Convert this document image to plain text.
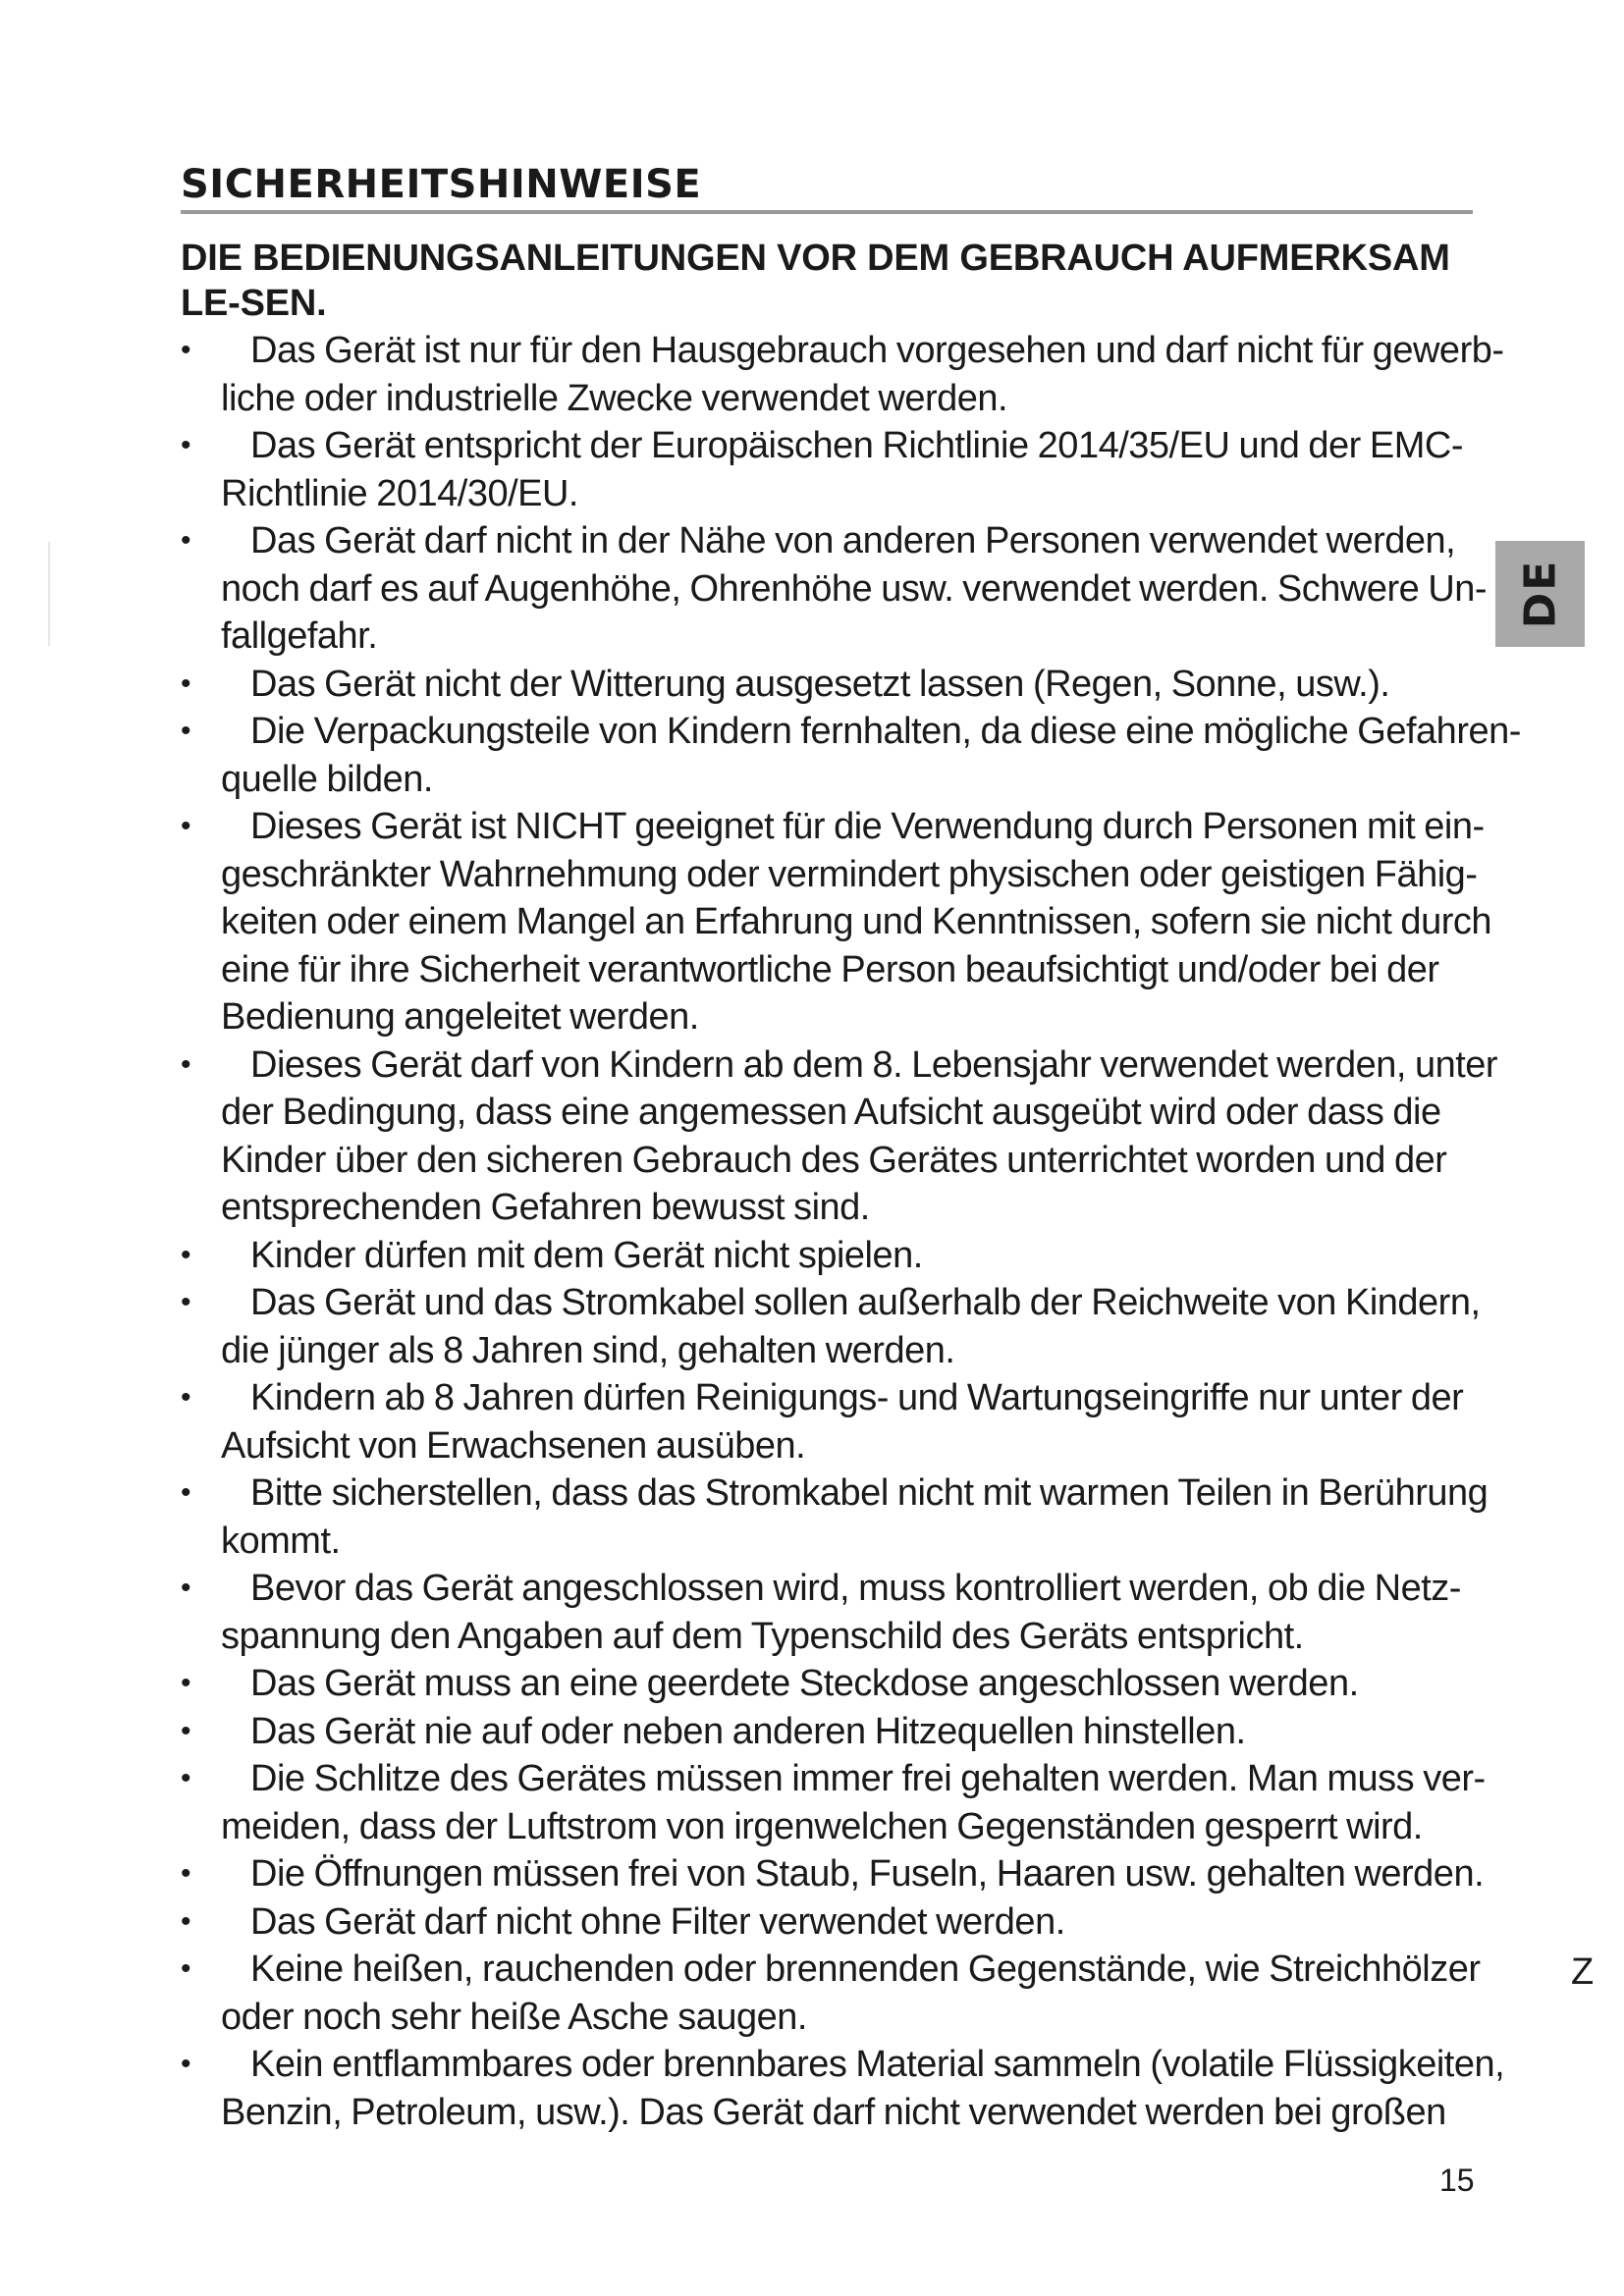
SICHERHEITSHINWEISE
DIE BEDIENUNGSANLEITUNGEN VOR DEM GEBRAUCH AUFMERKSAM LE-SEN.
• Das Gerät ist nur für den Hausgebrauch vorgesehen und darf nicht für gewerb-liche oder industrielle Zwecke verwendet werden.
• Das Gerät entspricht der Europäischen Richtlinie 2014/35/EU und der EMC-Richtlinie 2014/30/EU.
• Das Gerät darf nicht in der Nähe von anderen Personen verwendet werden, noch darf es auf Augenhöhe, Ohrenhöhe usw. verwendet werden. Schwere Un-fallgefahr.
• Das Gerät nicht der Witterung ausgesetzt lassen (Regen, Sonne, usw.).
• Die Verpackungsteile von Kindern fernhalten, da diese eine mögliche Gefahren-quelle bilden.
• Dieses Gerät ist NICHT geeignet für die Verwendung durch Personen mit ein-geschränkter Wahrnehmung oder vermindert physischen oder geistigen Fähig-keiten oder einem Mangel an Erfahrung und Kenntnissen, sofern sie nicht durch eine für ihre Sicherheit verantwortliche Person beaufsichtigt und/oder bei der Bedienung angeleitet werden.
• Dieses Gerät darf von Kindern ab dem 8. Lebensjahr verwendet werden, unter der Bedingung, dass eine angemessen Aufsicht ausgeübt wird oder dass die Kinder über den sicheren Gebrauch des Gerätes unterrichtet worden und der entsprechenden Gefahren bewusst sind.
• Kinder dürfen mit dem Gerät nicht spielen.
• Das Gerät und das Stromkabel sollen außerhalb der Reichweite von Kindern, die jünger als 8 Jahren sind, gehalten werden.
• Kindern ab 8 Jahren dürfen Reinigungs- und Wartungseingriffe nur unter der Aufsicht von Erwachsenen ausüben.
• Bitte sicherstellen, dass das Stromkabel nicht mit warmen Teilen in Berührung kommt.
• Bevor das Gerät angeschlossen wird, muss kontrolliert werden, ob die Netz-spannung den Angaben auf dem Typenschild des Geräts entspricht.
• Das Gerät muss an eine geerdete Steckdose angeschlossen werden.
• Das Gerät nie auf oder neben anderen Hitzequellen hinstellen.
• Die Schlitze des Gerätes müssen immer frei gehalten werden. Man muss ver-meiden, dass der Luftstrom von irgenwelchen Gegenständen gesperrt wird.
• Die Öffnungen müssen frei von Staub, Fuseln, Haaren usw. gehalten werden.
• Das Gerät darf nicht ohne Filter verwendet werden.
• Keine heißen, rauchenden oder brennenden Gegenstände, wie Streichhölzer oder noch sehr heiße Asche saugen.
• Kein entflammbares oder brennbares Material sammeln (volatile Flüssigkeiten, Benzin, Petroleum, usw.). Das Gerät darf nicht verwendet werden bei großen
DE
Z
15
